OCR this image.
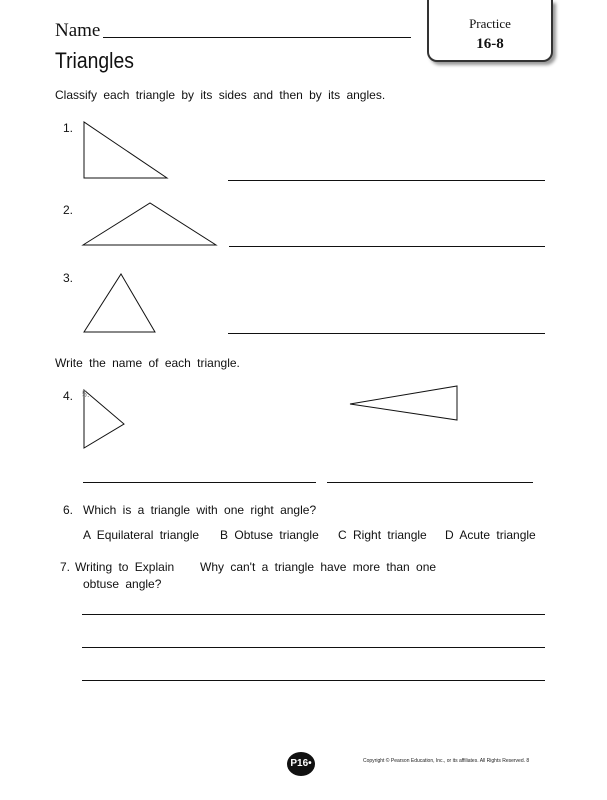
Name	Practice
16-8
Triangles
Classify each triangle by its sides and then by its angles.
1.
2.
3.
Write the name of each triangle.
4. 5.
6. Which is a triangle with one right angle?
A Equilateral triangle B Obtuse triangle C Right triangle D Acute triangle
7. Writing to Explain Why can't a triangle have more than one
obtuse angle?
P16•	Copyright © Pearson Education, Inc., or its affiliates. All Rights Reserved. 8
